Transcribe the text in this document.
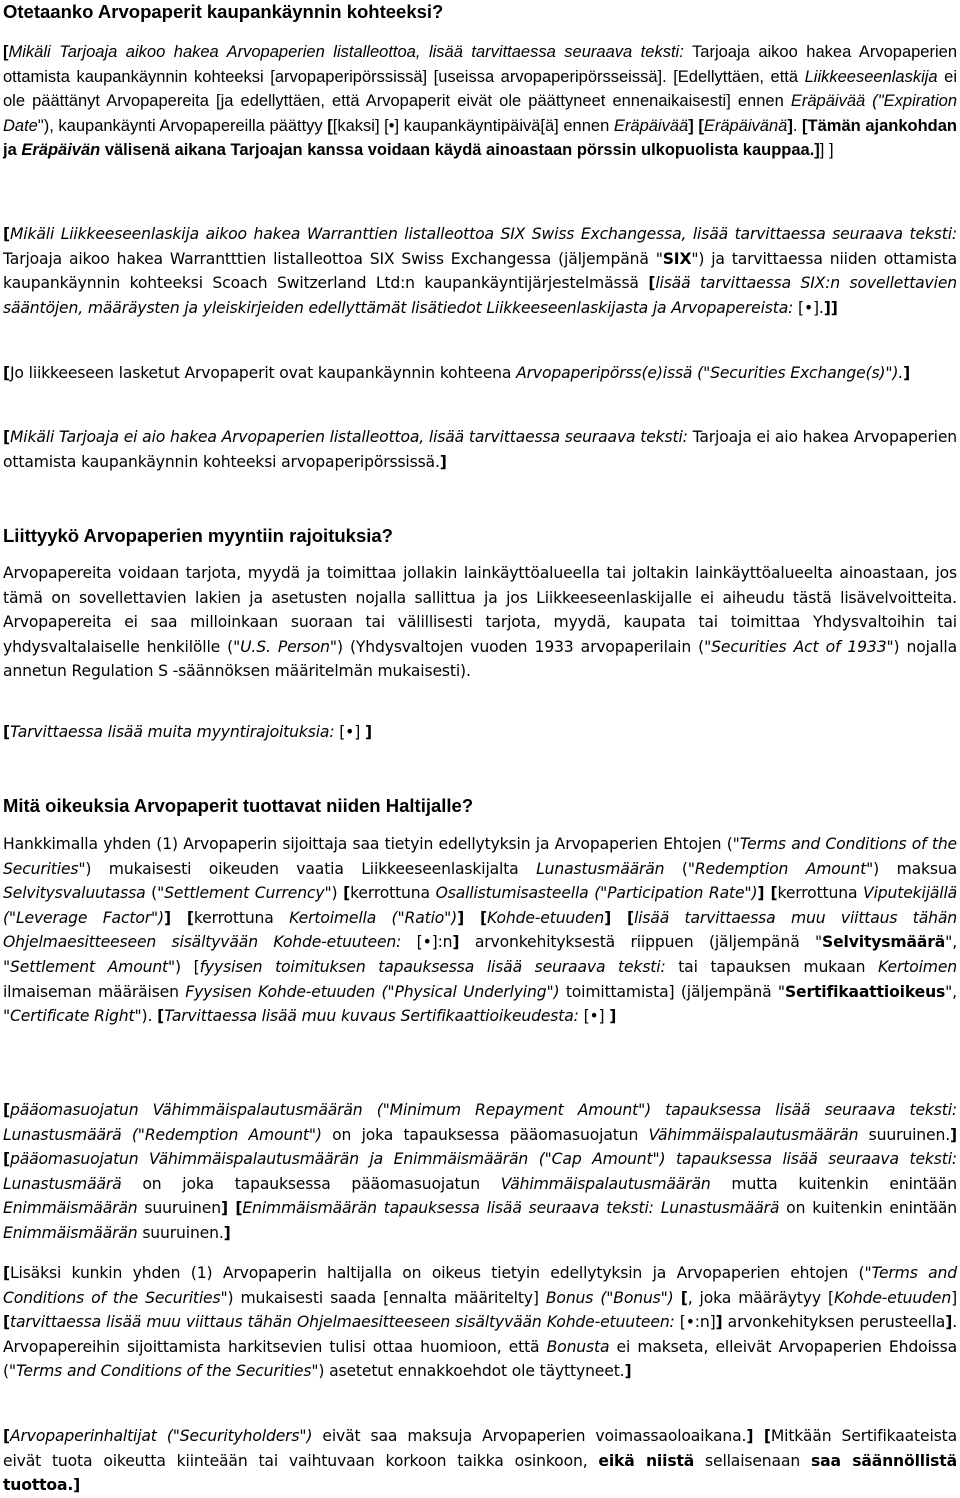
Otetaanko Arvopaperit kaupankäynnin kohteeksi?

[Mikäli Tarjoaja aikoo hakea Arvopaperien listalleottoa, lisää tarvittaessa seuraava teksti: Tarjoaja aikoo hakea Arvopaperien ottamista kaupankäynnin kohteeksi [arvopaperipörssissä] [useissa arvopaperipörsseissä]. [Edellyttäen, että Liikkeeseenlaskija ei ole päättänyt Arvopapereita [ja edellyttäen, että Arvopaperit eivät ole päättyneet ennenaikaisesti] ennen Eräpäivää ("Expiration Date"), kaupankäynti Arvopapereilla päättyy [[kaksi] [•] kaupankäyntipäivä[ä] ennen Eräpäivää] [Eräpäivänä]. [Tämän ajankohdan ja Eräpäivän välisenä aikana Tarjoajan kanssa voidaan käydä ainoastaan pörssin ulkopuolista kauppaa.]] ]

[Mikäli Liikkeeseenlaskija aikoo hakea Warranttien listalleottoa SIX Swiss Exchangessa, lisää tarvittaessa seuraava teksti: Tarjoaja aikoo hakea Warrantttien listalleottoa SIX Swiss Exchangessa (jäljempänä "SIX") ja tarvittaessa niiden ottamista kaupankäynnin kohteeksi Scoach Switzerland Ltd:n kaupankäyntijärjestelmässä [lisää tarvittaessa SIX:n sovellettavien sääntöjen, määräysten ja yleiskirjeiden edellyttämät lisätiedot Liikkeeseenlaskijasta ja Arvopapereista: [•].]]

[Jo liikkeeseen lasketut Arvopaperit ovat kaupankäynnin kohteena Arvopaperipörss(e)issä ("Securities Exchange(s)").]

[Mikäli Tarjoaja ei aio hakea Arvopaperien listalleottoa, lisää tarvittaessa seuraava teksti: Tarjoaja ei aio hakea Arvopaperien ottamista kaupankäynnin kohteeksi arvopaperipörssissä.]

Liittyykö Arvopaperien myyntiin rajoituksia?

Arvopapereita voidaan tarjota, myydä ja toimittaa jollakin lainkäyttöalueella tai joltakin lainkäyttöalueelta ainoastaan, jos tämä on sovellettavien lakien ja asetusten nojalla sallittua ja jos Liikkeeseenlaskijalle ei aiheudu tästä lisävelvoitteita. Arvopapereita ei saa milloinkaan suoraan tai välillisesti tarjota, myydä, kaupata tai toimittaa Yhdysvaltoihin tai yhdysvaltalaiselle henkilölle ("U.S. Person") (Yhdysvaltojen vuoden 1933 arvopaperilain ("Securities Act of 1933") nojalla annetun Regulation S -säännöksen määritelmän mukaisesti).

[Tarvittaessa lisää muita myyntirajoituksia: [•] ]

Mitä oikeuksia Arvopaperit tuottavat niiden Haltijalle?

Hankkimalla yhden (1) Arvopaperin sijoittaja saa tietyin edellytyksin ja Arvopaperien Ehtojen ("Terms and Conditions of the Securities") mukaisesti oikeuden vaatia Liikkeeseenlaskijalta Lunastusmäärän ("Redemption Amount") maksua Selvitysvaluutassa ("Settlement Currency") [kerrottuna Osallistumisasteella ("Participation Rate")] [kerrottuna Viputekijällä ("Leverage Factor")] [kerrottuna Kertoimella ("Ratio")] [Kohde-etuuden] [lisää tarvittaessa muu viittaus tähän Ohjelmaesitteeseen sisältyvään Kohde-etuuteen: [•]:n] arvonkehityksestä riippuen (jäljempänä "Selvitysmäärä", "Settlement Amount") [fyysisen toimituksen tapauksessa lisää seuraava teksti: tai tapauksen mukaan Kertoimen ilmaiseman määräisen Fyysisen Kohde-etuuden ("Physical Underlying") toimittamista] (jäljempänä "Sertifikaattioikeus", "Certificate Right"). [Tarvittaessa lisää muu kuvaus Sertifikaattioikeudesta: [•] ]

[pääomasuojatun Vähimmäispalautusmäärän ("Minimum Repayment Amount") tapauksessa lisää seuraava teksti: Lunastusmäärä ("Redemption Amount") on joka tapauksessa pääomasuojatun Vähimmäispalautusmäärän suuruinen.] [pääomasuojatun Vähimmäispalautusmäärän ja Enimmäismäärän ("Cap Amount") tapauksessa lisää seuraava teksti: Lunastusmäärä on joka tapauksessa pääomasuojatun Vähimmäispalautusmäärän mutta kuitenkin enintään Enimmäismäärän suuruinen] [Enimmäismäärän tapauksessa lisää seuraava teksti: Lunastusmäärä on kuitenkin enintään Enimmäismäärän suuruinen.]

[Lisäksi kunkin yhden (1) Arvopaperin haltijalla on oikeus tietyin edellytyksin ja Arvopaperien ehtojen ("Terms and Conditions of the Securities") mukaisesti saada [ennalta määritelty] Bonus ("Bonus") [, joka määräytyy [Kohde-etuuden] [tarvittaessa lisää muu viittaus tähän Ohjelmaesitteeseen sisältyvään Kohde-etuuteen: [•:n]] arvonkehityksen perusteella]. Arvopapereihin sijoittamista harkitsevien tulisi ottaa huomioon, että Bonusta ei makseta, elleivät Arvopaperien Ehdoissa ("Terms and Conditions of the Securities") asetetut ennakkoehdot ole täyttyneet.]

[Arvopaperinhaltijat ("Securityholders") eivät saa maksuja Arvopaperien voimassaoloaikana.] [Mitkään Sertifikaateista eivät tuota oikeutta kiinteään tai vaihtuvaan korkoon taikka osinkoon, eikä niistä sellaisenaan saa säännöllistä tuottoa.]
